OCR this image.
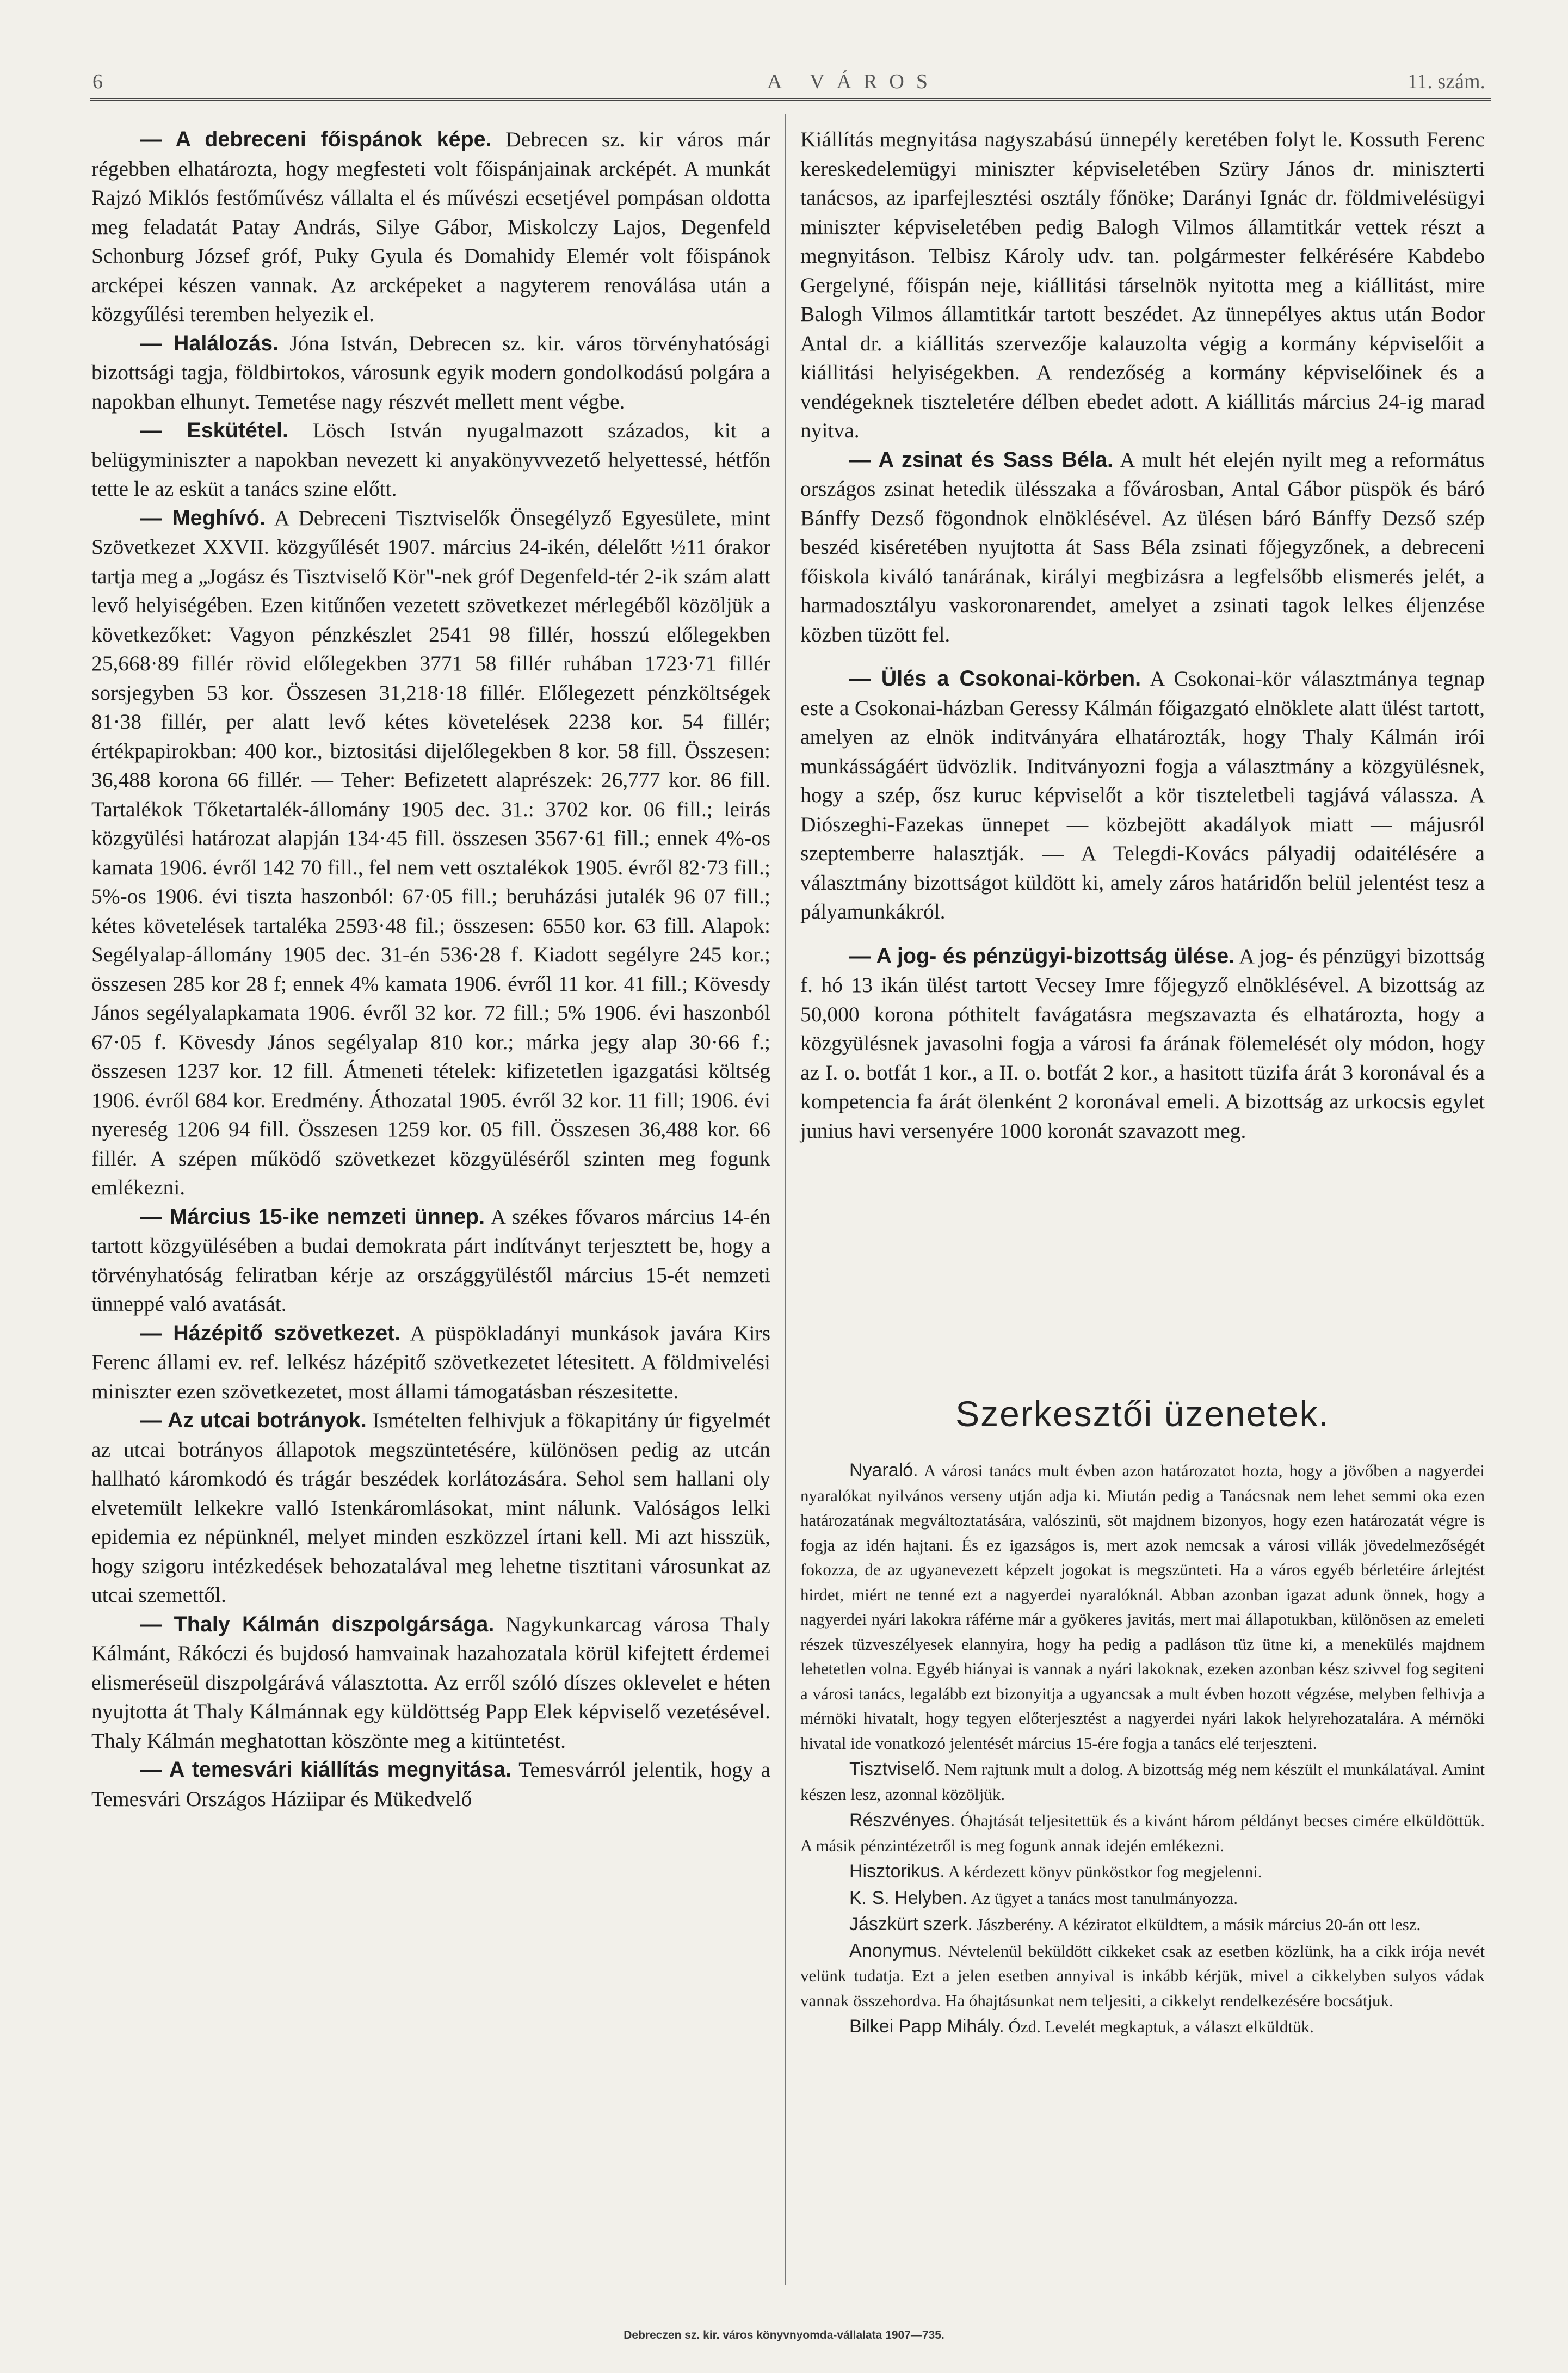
6	A VÁROS	11. szám.

— A debreceni főispánok képe. Debrecen sz. kir város már régebben elhatározta, hogy megfesteti volt főispánjainak arcképét. A munkát Rajzó Miklós festőművész vállalta el és művészi ecsetjével pompásan oldotta meg feladatát Patay András, Silye Gábor, Miskolczy Lajos, Degenfeld Schonburg József gróf, Puky Gyula és Domahidy Elemér volt főispánok arcképei készen vannak. Az arcképeket a nagyterem renoválása után a közgyűlési teremben helyezik el.

— Halálozás. Jóna István, Debrecen sz. kir. város törvényhatósági bizottsági tagja, földbirtokos, városunk egyik modern gondolkodású polgára a napokban elhunyt. Temetése nagy részvét mellett ment végbe.

— Eskütétel. Lösch István nyugalmazott százados, kit a belügyminiszter a napokban nevezett ki anyakönyvvezető helyettessé, hétfőn tette le az esküt a tanács szine előtt.

— Meghívó. A Debreceni Tisztviselők Önsegélyző Egyesülete, mint Szövetkezet XXVII. közgyűlését 1907. március 24-ikén, délelőtt ½11 órakor tartja meg a „Jogász és Tisztviselő Kör"-nek gróf Degenfeld-tér 2-ik szám alatt levő helyiségében. Ezen kitűnően vezetett szövetkezet mérlegéből közöljük a következőket: Vagyon pénzkészlet 2541 98 fillér, hosszú előlegekben 25,668·89 fillér rövid előlegekben 3771 58 fillér ruhában 1723·71 fillér sorsjegyben 53 kor. Összesen 31,218·18 fillér. Előlegezett pénzköltségek 81·38 fillér, per alatt levő kétes követelések 2238 kor. 54 fillér; értékpapirokban: 400 kor., biztositási dijelőlegekben 8 kor. 58 fill. Összesen: 36,488 korona 66 fillér. — Teher: Befizetett alaprészek: 26,777 kor. 86 fill. Tartalékok Tőketartalék-állomány 1905 dec. 31.: 3702 kor. 06 fill.; leirás közgyülési határozat alapján 134·45 fill. összesen 3567·61 fill.; ennek 4%-os kamata 1906. évről 142 70 fill., fel nem vett osztalékok 1905. évről 82·73 fill.; 5%-os 1906. évi tiszta haszonból: 67·05 fill.; beruházási jutalék 96 07 fill.; kétes követelések tartaléka 2593·48 fil.; összesen: 6550 kor. 63 fill. Alapok: Segélyalap-állomány 1905 dec. 31-én 536·28 f. Kiadott segélyre 245 kor.; összesen 285 kor 28 f; ennek 4% kamata 1906. évről 11 kor. 41 fill.; Kövesdy János segélyalapkamata 1906. évről 32 kor. 72 fill.; 5% 1906. évi haszonból 67·05 f. Kövesdy János segélyalap 810 kor.; márka jegy alap 30·66 f.; összesen 1237 kor. 12 fill. Átmeneti tételek: kifizetetlen igazgatási költség 1906. évről 684 kor. Eredmény. Áthozatal 1905. évről 32 kor. 11 fill; 1906. évi nyereség 1206 94 fill. Összesen 1259 kor. 05 fill. Összesen 36,488 kor. 66 fillér. A szépen működő szövetkezet közgyüléséről szinten meg fogunk emlékezni.

— Március 15-ike nemzeti ünnep. A székes fővaros március 14-én tartott közgyülésében a budai demokrata párt indítványt terjesztett be, hogy a törvényhatóság feliratban kérje az országgyüléstől március 15-ét nemzeti ünneppé való avatását.

— Házépitő szövetkezet. A püspökladányi munkások javára Kirs Ferenc állami ev. ref. lelkész házépitő szövetkezetet létesitett. A földmivelési miniszter ezen szövetkezetet, most állami támogatásban részesitette.

— Az utcai botrányok. Ismételten felhivjuk a fökapitány úr figyelmét az utcai botrányos állapotok megszüntetésére, különösen pedig az utcán hallható káromkodó és trágár beszédek korlátozására. Sehol sem hallani oly elvetemült lelkekre valló Istenkáromlásokat, mint nálunk. Valóságos lelki epidemia ez népünknél, melyet minden eszközzel írtani kell. Mi azt hisszük, hogy szigoru intézkedések behozatalával meg lehetne tisztitani városunkat az utcai szemettől.

— Thaly Kálmán diszpolgársága. Nagykunkarcag városa Thaly Kálmánt, Rákóczi és bujdosó hamvainak hazahozatala körül kifejtett érdemei elismeréseül diszpolgárává választotta. Az erről szóló díszes oklevelet e héten nyujtotta át Thaly Kálmánnak egy küldöttség Papp Elek képviselő vezetésével. Thaly Kálmán meghatottan köszönte meg a kitüntetést.

— A temesvári kiállítás megnyitása. Temesvárról jelentik, hogy a Temesvári Országos Háziipar és Mükedvelő

Kiállítás megnyitása nagyszabású ünnepély keretében folyt le. Kossuth Ferenc kereskedelemügyi miniszter képviseletében Szüry János dr. miniszterti tanácsos, az iparfejlesztési osztály főnöke; Darányi Ignác dr. földmivelésügyi miniszter képviseletében pedig Balogh Vilmos államtitkár vettek részt a megnyitáson. Telbisz Károly udv. tan. polgármester felkérésére Kabdebo Gergelyné, főispán neje, kiállitási társelnök nyitotta meg a kiállitást, mire Balogh Vilmos államtitkár tartott beszédet. Az ünnepélyes aktus után Bodor Antal dr. a kiállitás szervezője kalauzolta végig a kormány képviselőit a kiállitási helyiségekben. A rendezőség a kormány képviselőinek és a vendégeknek tiszteletére délben ebedet adott. A kiállitás március 24-ig marad nyitva.

— A zsinat és Sass Béla. A mult hét elején nyilt meg a református országos zsinat hetedik ülésszaka a fővárosban, Antal Gábor püspök és báró Bánffy Dezső fögondnok elnöklésével. Az ülésen báró Bánffy Dezső szép beszéd kiséretében nyujtotta át Sass Béla zsinati főjegyzőnek, a debreceni főiskola kiváló tanárának, királyi megbizásra a legfelsőbb elismerés jelét, a harmadosztályu vaskoronarendet, amelyet a zsinati tagok lelkes éljenzése közben tüzött fel.

— Ülés a Csokonai-körben. A Csokonai-kör választmánya tegnap este a Csokonai-házban Geressy Kálmán főigazgató elnöklete alatt ülést tartott, amelyen az elnök inditványára elhatározták, hogy Thaly Kálmán irói munkásságáért üdvözlik. Inditványozni fogja a választmány a közgyülésnek, hogy a szép, ősz kuruc képviselőt a kör tiszteletbeli tagjává válassza. A Diószeghi-Fazekas ünnepet — közbejött akadályok miatt — májusról szeptemberre halasztják. — A Telegdi-Kovács pályadij odaitélésére a választmány bizottságot küldött ki, amely záros határidőn belül jelentést tesz a pályamunkákról.

— A jog- és pénzügyi-bizottság ülése. A jog- és pénzügyi bizottság f. hó 13 ikán ülést tartott Vecsey Imre főjegyző elnöklésével. A bizottság az 50,000 korona póthitelt favágatásra megszavazta és elhatározta, hogy a közgyülésnek javasolni fogja a városi fa árának fölemelését oly módon, hogy az I. o. botfát 1 kor., a II. o. botfát 2 kor., a hasitott tüzifa árát 3 koronával és a kompetencia fa árát ölenként 2 koronával emeli. A bizottság az urkocsis egylet junius havi versenyére 1000 koronát szavazott meg.

Szerkesztői üzenetek.

Nyaraló. A városi tanács mult évben azon határozatot hozta, hogy a jövőben a nagyerdei nyaralókat nyilvános verseny utján adja ki. Miután pedig a Tanácsnak nem lehet semmi oka ezen határozatának megváltoztatására, valószinü, söt majdnem bizonyos, hogy ezen határozatát végre is fogja az idén hajtani. És ez igazságos is, mert azok nemcsak a városi villák jövedelmezőségét fokozza, de az ugyanevezett képzelt jogokat is megszünteti. Ha a város egyéb bérletéire árlejtést hirdet, miért ne tenné ezt a nagyerdei nyaralóknál. Abban azonban igazat adunk önnek, hogy a nagyerdei nyári lakokra ráférne már a gyökeres javitás, mert mai állapotukban, különösen az emeleti részek tüzveszélyesek elannyira, hogy ha pedig a padláson tüz ütne ki, a menekülés majdnem lehetetlen volna. Egyéb hiányai is vannak a nyári lakoknak, ezeken azonban kész szivvel fog segiteni a városi tanács, legalább ezt bizonyitja a ugyancsak a mult évben hozott végzése, melyben felhivja a mérnöki hivatalt, hogy tegyen előterjesztést a nagyerdei nyári lakok helyrehozatalára. A mérnöki hivatal ide vonatkozó jelentését március 15-ére fogja a tanács elé terjeszteni.

Tisztviselő. Nem rajtunk mult a dolog. A bizottság még nem készült el munkálatával. Amint készen lesz, azonnal közöljük.

Részvényes. Óhajtását teljesitettük és a kivánt három példányt becses cimére elküldöttük. A másik pénzintézetről is meg fogunk annak idején emlékezni.

Hisztorikus. A kérdezett könyv pünköstkor fog megjelenni.

K. S. Helyben. Az ügyet a tanács most tanulmányozza.

Jászkürt szerk. Jászberény. A kéziratot elküldtem, a másik március 20-án ott lesz.

Anonymus. Névtelenül beküldött cikkeket csak az esetben közlünk, ha a cikk irója nevét velünk tudatja. Ezt a jelen esetben annyival is inkább kérjük, mivel a cikkelyben sulyos vádak vannak összehordva. Ha óhajtásunkat nem teljesiti, a cikkelyt rendelkezésére bocsátjuk.

Bilkei Papp Mihály. Ózd. Levelét megkaptuk, a választ elküldtük.

Debreczen sz. kir. város könyvnyomda-vállalata 1907—735.
